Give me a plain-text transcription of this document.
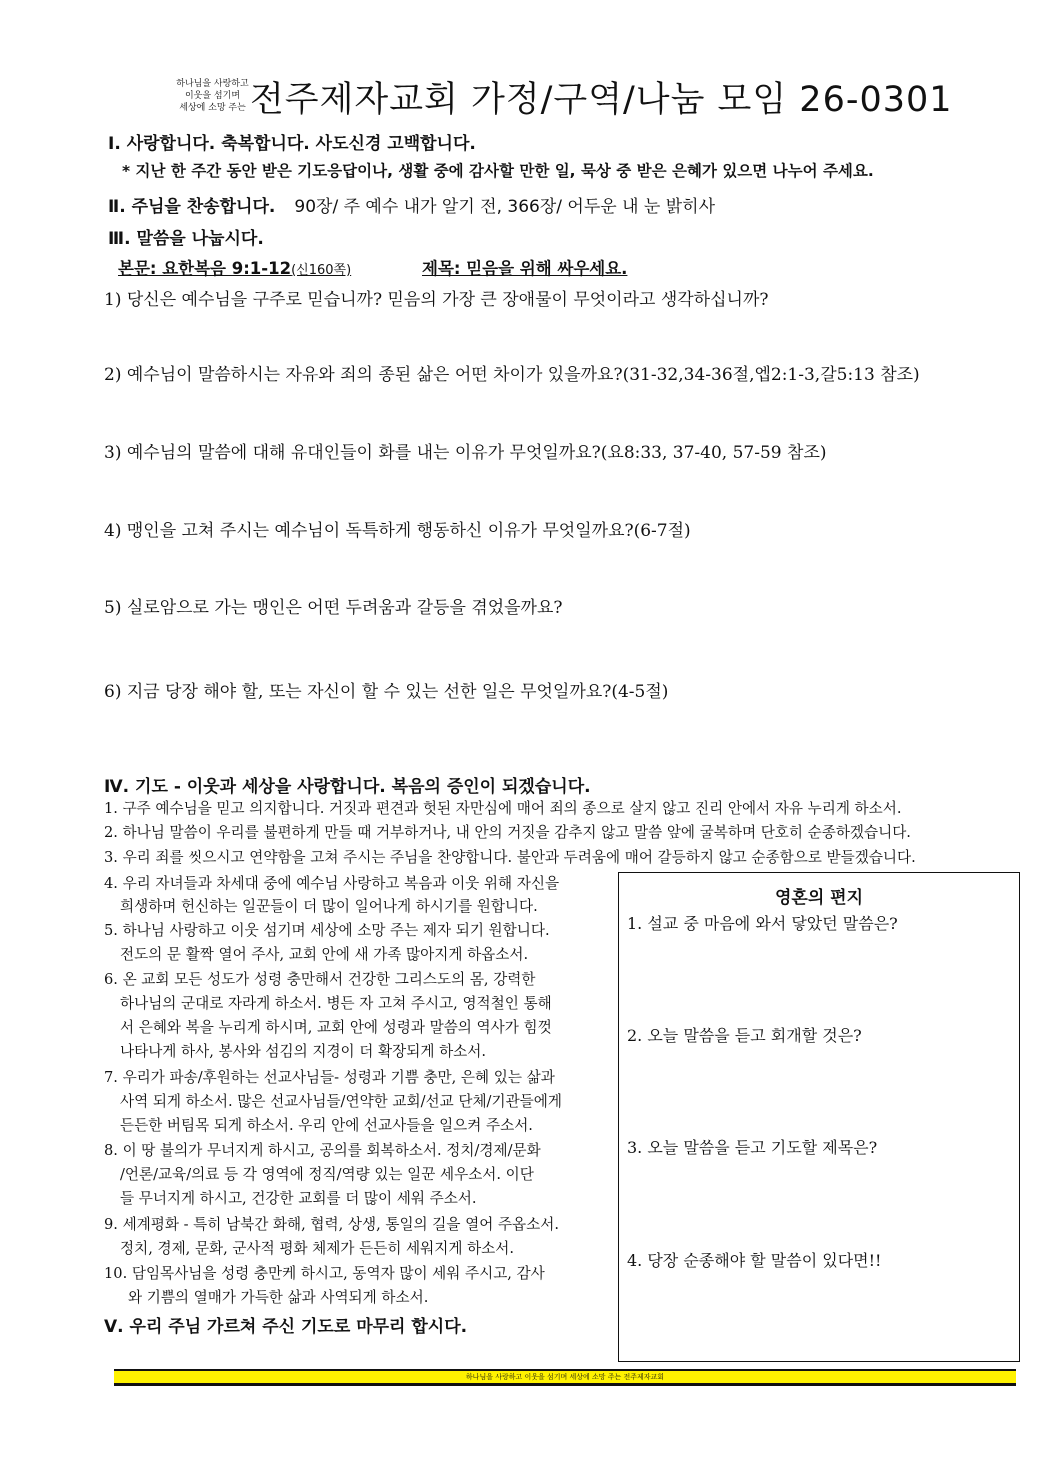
하나님을 사랑하고
이웃을 섬기며
세상에 소망 주는 전주제자교회 가정/구역/나눔 모임 26-0301
Ⅰ. 사랑합니다. 축복합니다. 사도신경 고백합니다.
* 지난 한 주간 동안 받은 기도응답이나, 생활 중에 감사할 만한 일, 묵상 중 받은 은혜가 있으면 나누어 주세요.
Ⅱ. 주님을 찬송합니다. 90장/ 주 예수 내가 알기 전, 366장/ 어두운 내 눈 밝히사
Ⅲ. 말씀을 나눕시다.
본문: 요한복음 9:1-12(신160쪽)	제목: 믿음을 위해 싸우세요.
1) 당신은 예수님을 구주로 믿습니까? 믿음의 가장 큰 장애물이 무엇이라고 생각하십니까?
2) 예수님이 말씀하시는 자유와 죄의 종된 삶은 어떤 차이가 있을까요?(31-32,34-36절,엡2:1-3,갈5:13 참조)
3) 예수님의 말씀에 대해 유대인들이 화를 내는 이유가 무엇일까요?(요8:33, 37-40, 57-59 참조)
4) 맹인을 고쳐 주시는 예수님이 독특하게 행동하신 이유가 무엇일까요?(6-7절)
5) 실로암으로 가는 맹인은 어떤 두려움과 갈등을 겪었을까요?
6) 지금 당장 해야 할, 또는 자신이 할 수 있는 선한 일은 무엇일까요?(4-5절)
Ⅳ. 기도 - 이웃과 세상을 사랑합니다. 복음의 증인이 되겠습니다.
1. 구주 예수님을 믿고 의지합니다. 거짓과 편견과 헛된 자만심에 매어 죄의 종으로 살지 않고 진리 안에서 자유 누리게 하소서.
2. 하나님 말씀이 우리를 불편하게 만들 때 거부하거나, 내 안의 거짓을 감추지 않고 말씀 앞에 굴복하며 단호히 순종하겠습니다.
3. 우리 죄를 씻으시고 연약함을 고쳐 주시는 주님을 찬양합니다. 불안과 두려움에 매어 갈등하지 않고 순종함으로 받들겠습니다.
4. 우리 자녀들과 차세대 중에 예수님 사랑하고 복음과 이웃 위해 자신을
희생하며 헌신하는 일꾼들이 더 많이 일어나게 하시기를 원합니다.
5. 하나님 사랑하고 이웃 섬기며 세상에 소망 주는 제자 되기 원합니다.
전도의 문 활짝 열어 주사, 교회 안에 새 가족 많아지게 하옵소서.
6. 온 교회 모든 성도가 성령 충만해서 건강한 그리스도의 몸, 강력한
하나님의 군대로 자라게 하소서. 병든 자 고쳐 주시고, 영적철인 통해
서 은혜와 복을 누리게 하시며, 교회 안에 성령과 말씀의 역사가 힘껏
나타나게 하사, 봉사와 섬김의 지경이 더 확장되게 하소서.
7. 우리가 파송/후원하는 선교사님들- 성령과 기쁨 충만, 은혜 있는 삶과
사역 되게 하소서. 많은 선교사님들/연약한 교회/선교 단체/기관들에게
든든한 버팀목 되게 하소서. 우리 안에 선교사들을 일으켜 주소서.
8. 이 땅 불의가 무너지게 하시고, 공의를 회복하소서. 정치/경제/문화
/언론/교육/의료 등 각 영역에 정직/역량 있는 일꾼 세우소서. 이단
들 무너지게 하시고, 건강한 교회를 더 많이 세워 주소서.
9. 세계평화 - 특히 남북간 화해, 협력, 상생, 통일의 길을 열어 주옵소서.
정치, 경제, 문화, 군사적 평화 체제가 든든히 세워지게 하소서.
10. 담임목사님을 성령 충만케 하시고, 동역자 많이 세워 주시고, 감사
와 기쁨의 열매가 가득한 삶과 사역되게 하소서.
Ⅴ. 우리 주님 가르쳐 주신 기도로 마무리 합시다.
영혼의 편지
1. 설교 중 마음에 와서 닿았던 말씀은?
2. 오늘 말씀을 듣고 회개할 것은?
3. 오늘 말씀을 듣고 기도할 제목은?
4. 당장 순종해야 할 말씀이 있다면!!
하나님을 사랑하고 이웃을 섬기며 세상에 소망 주는 전주제자교회
